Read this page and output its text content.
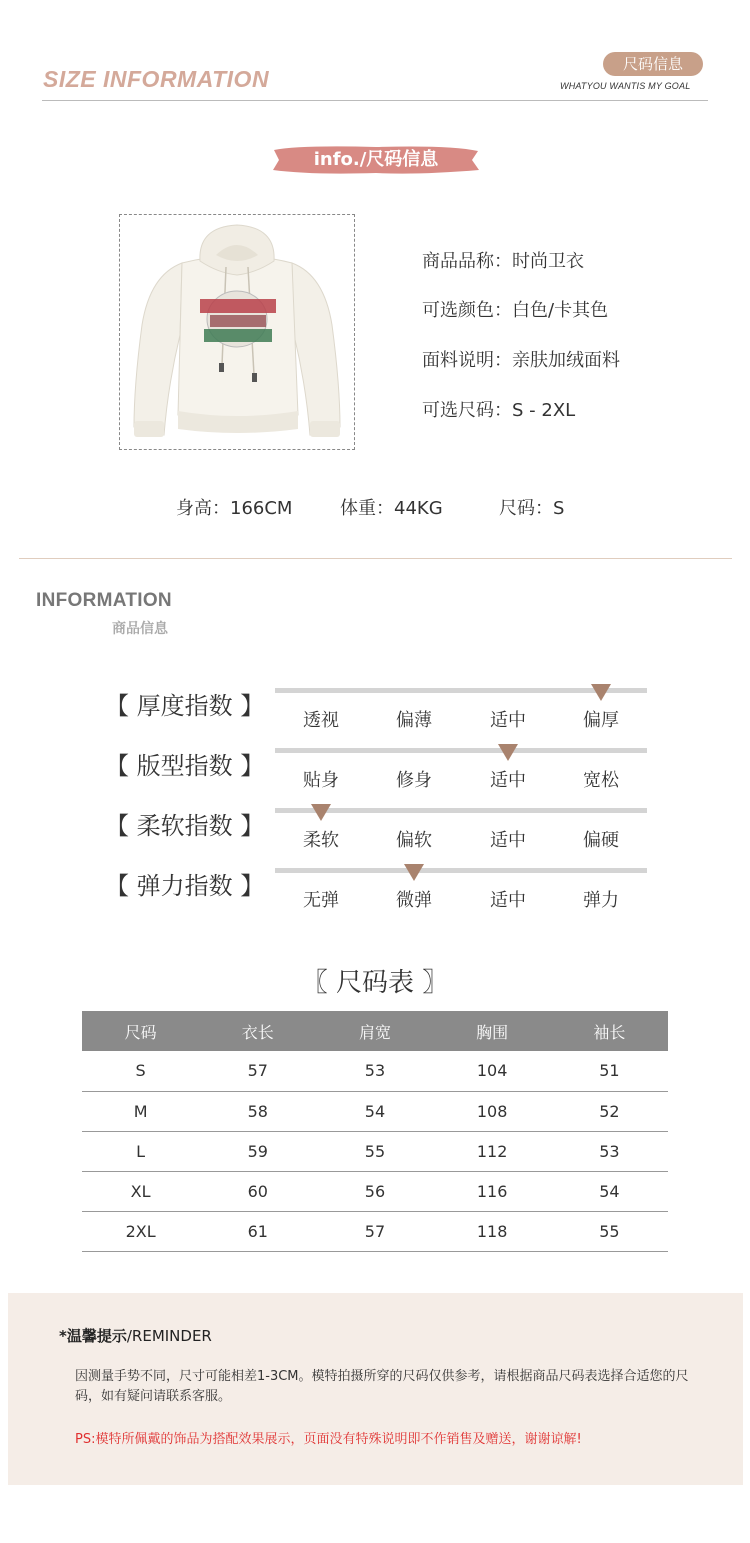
SIZE INFORMATION
尺码信息
WHATYOU WANTIS MY GOAL
info./尺码信息
商品品称：时尚卫衣
可选颜色：白色/卡其色
面料说明：亲肤加绒面料
可选尺码：S - 2XL
身高：166CM	体重：44KG	尺码：S
INFORMATION
商品信息
【 厚度指数 】
透视	偏薄	适中	偏厚
【 版型指数 】
贴身	修身	适中	宽松
【 柔软指数 】
柔软	偏软	适中	偏硬
【 弹力指数 】
无弹	微弹	适中	弹力
〖 尺码表 〗
尺码	衣长	肩宽	胸围	袖长
S	57	53	104	51
M	58	54	108	52
L	59	55	112	53
XL	60	56	116	54
2XL	61	57	118	55
*温馨提示/REMINDER
因测量手势不同，尺寸可能相差1-3CM。模特拍摄所穿的尺码仅供参考，请根据商品尺码表选择合适您的尺码，如有疑问请联系客服。
PS:模特所佩戴的饰品为搭配效果展示，页面没有特殊说明即不作销售及赠送，谢谢谅解!
